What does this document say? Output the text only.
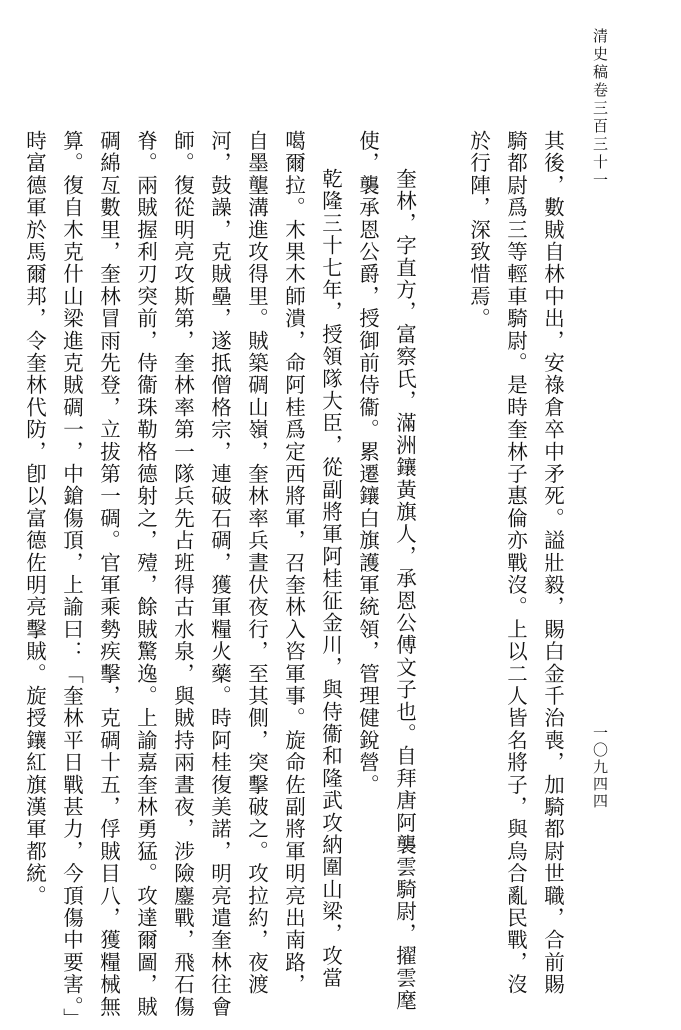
清史稿卷三百三十一
一〇九四四
其後，數賊自林中出，安祿倉卒中矛死。謚壯毅，賜白金千治喪，加騎都尉世職，合前賜
騎都尉爲三等輕車騎尉。是時奎林子惠倫亦戰沒。上以二人皆名將子，與烏合亂民戰，沒
於行陣，深致惜焉。
奎林，字直方，富察氏，滿洲鑲黃旗人，承恩公傅文子也。自拜唐阿襲雲騎尉，擢雲麾
使，襲承恩公爵，授御前侍衞。累遷鑲白旗護軍統領，管理健銳營。
乾隆三十七年，授領隊大臣，從副將軍阿桂征金川，與侍衞和隆武攻納圍山梁，攻當
噶爾拉。木果木師潰，命阿桂爲定西將軍，召奎林入咨軍事。旋命佐副將軍明亮出南路，
自墨壟溝進攻得里。賊築碉山嶺，奎林率兵晝伏夜行，至其側，突擊破之。攻拉約，夜渡
河，鼓譟，克賊壘，遂抵僧格宗，連破石碉，獲軍糧火藥。時阿桂復美諾，明亮遣奎林往會
師。復從明亮攻斯第，奎林率第一隊兵先占班得古水泉，與賊持兩晝夜，涉險鏖戰，飛石傷
脊。兩賊握利刃突前，侍衞珠勒格德射之，殪，餘賊驚逸。上諭嘉奎林勇猛。攻達爾圖，賊
碉綿亙數里，奎林冒雨先登，立拔第一碉。官軍乘勢疾擊，克碉十五，俘賊目八，獲糧械無
算。復自木克什山梁進克賊碉一，中鎗傷頂，上諭曰：「奎林平日戰甚力，今頂傷中要害。」
時富德軍於馬爾邦，令奎林代防，卽以富德佐明亮擊賊。旋授鑲紅旗漢軍都統。
